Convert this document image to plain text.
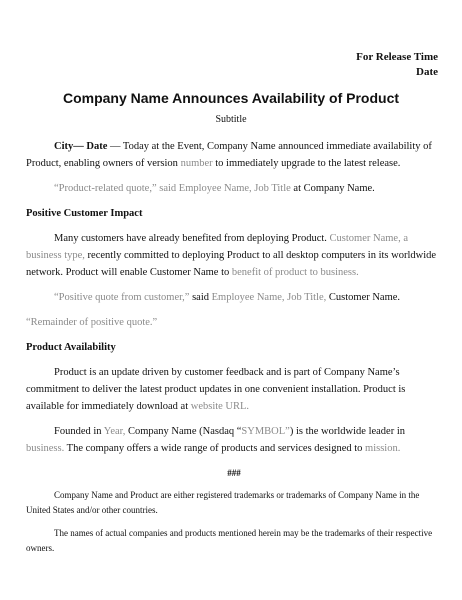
For Release Time
Date
Company Name Announces Availability of Product
Subtitle

City— Date — Today at the Event, Company Name announced immediate availability of Product, enabling owners of version number to immediately upgrade to the latest release.

“Product-related quote,” said Employee Name, Job Title at Company Name.

Positive Customer Impact

Many customers have already benefited from deploying Product. Customer Name, a business type, recently committed to deploying Product to all desktop computers in its worldwide network. Product will enable Customer Name to benefit of product to business.

“Positive quote from customer,” said Employee Name, Job Title, Customer Name.

“Remainder of positive quote.”

Product Availability

Product is an update driven by customer feedback and is part of Company Name’s commitment to deliver the latest product updates in one convenient installation. Product is available for immediately download at website URL.

Founded in Year, Company Name (Nasdaq “SYMBOL”) is the worldwide leader in business. The company offers a wide range of products and services designed to mission.

###

Company Name and Product are either registered trademarks or trademarks of Company Name in the United States and/or other countries.

The names of actual companies and products mentioned herein may be the trademarks of their respective owners.
